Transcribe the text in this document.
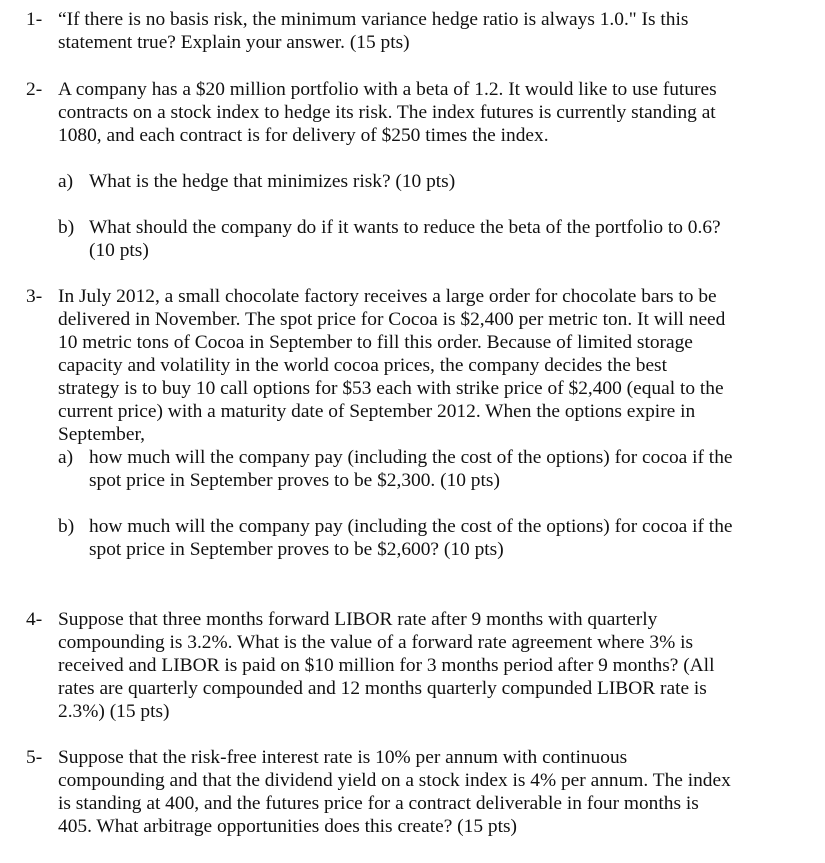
1- “If there is no basis risk, the minimum variance hedge ratio is always 1.0." Is this
statement true? Explain your answer. (15 pts)
2- A company has a $20 million portfolio with a beta of 1.2. It would like to use futures
contracts on a stock index to hedge its risk. The index futures is currently standing at
1080, and each contract is for delivery of $250 times the index.
a) What is the hedge that minimizes risk? (10 pts)
b) What should the company do if it wants to reduce the beta of the portfolio to 0.6?
(10 pts)
3- In July 2012, a small chocolate factory receives a large order for chocolate bars to be
delivered in November. The spot price for Cocoa is $2,400 per metric ton. It will need
10 metric tons of Cocoa in September to fill this order. Because of limited storage
capacity and volatility in the world cocoa prices, the company decides the best
strategy is to buy 10 call options for $53 each with strike price of $2,400 (equal to the
current price) with a maturity date of September 2012. When the options expire in
September,
a) how much will the company pay (including the cost of the options) for cocoa if the
spot price in September proves to be $2,300. (10 pts)
b) how much will the company pay (including the cost of the options) for cocoa if the
spot price in September proves to be $2,600? (10 pts)
4- Suppose that three months forward LIBOR rate after 9 months with quarterly
compounding is 3.2%. What is the value of a forward rate agreement where 3% is
received and LIBOR is paid on $10 million for 3 months period after 9 months? (All
rates are quarterly compounded and 12 months quarterly compunded LIBOR rate is
2.3%) (15 pts)
5- Suppose that the risk-free interest rate is 10% per annum with continuous
compounding and that the dividend yield on a stock index is 4% per annum. The index
is standing at 400, and the futures price for a contract deliverable in four months is
405. What arbitrage opportunities does this create? (15 pts)
